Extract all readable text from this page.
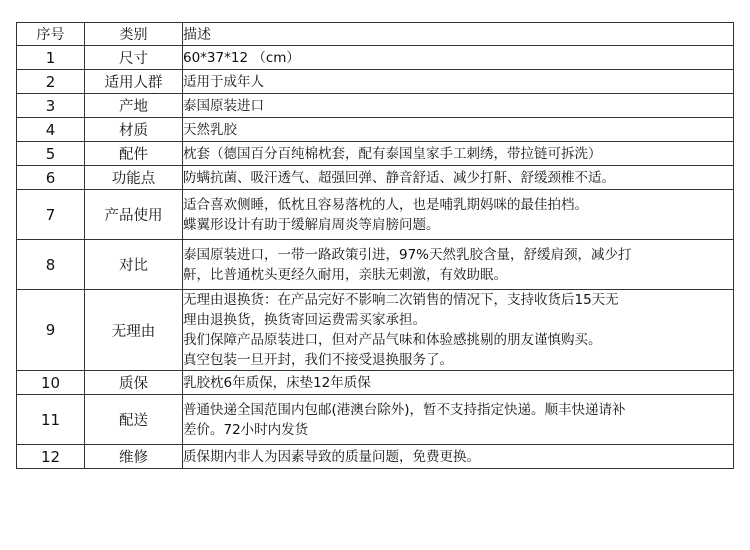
序号	类别	描述
1	尺寸	60*37*12 （cm）
2	适用人群	适用于成年人
3	产地	泰国原装进口
4	材质	天然乳胶
5	配件	枕套（德国百分百纯棉枕套，配有泰国皇家手工刺绣，带拉链可拆洗）
6	功能点	防螨抗菌、吸汗透气、超强回弹、静音舒适、减少打鼾、舒缓颈椎不适。
7	产品使用	适合喜欢侧睡，低枕且容易落枕的人，也是哺乳期妈咪的最佳拍档。
蝶翼形设计有助于缓解肩周炎等肩膀问题。
8	对比	泰国原装进口，一带一路政策引进，97%天然乳胶含量，舒缓肩颈，减少打
鼾，比普通枕头更经久耐用，亲肤无刺激，有效助眠。
9	无理由	无理由退换货：在产品完好不影响二次销售的情况下，支持收货后15天无
理由退换货，换货寄回运费需买家承担。
我们保障产品原装进口，但对产品气味和体验感挑剔的朋友谨慎购买。
真空包装一旦开封，我们不接受退换服务了。
10	质保	乳胶枕6年质保，床垫12年质保
11	配送	普通快递全国范围内包邮(港澳台除外)，暂不支持指定快递。顺丰快递请补
差价。72小时内发货
12	维修	质保期内非人为因素导致的质量问题，免费更换。
